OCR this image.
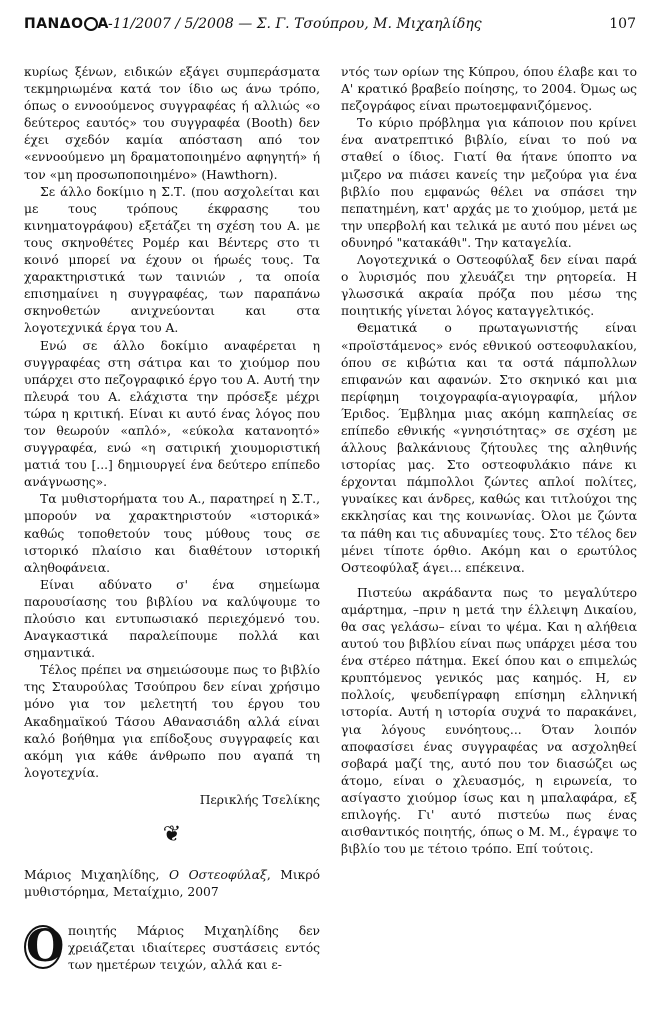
ΠΑΝΔΟ Α -11/2007 / 5/2008 — Σ. Γ. Τσούπρου, Μ. Μιχαηλίδης	107

κυρίως ξένων, ειδικών εξάγει συμπεράσματα τεκμηριωμένα κατά τον ίδιο ως άνω τρόπο, όπως ο εννοούμενος συγγραφέας ή αλλιώς «ο δεύτερος εαυτός» του συγγραφέα (Booth) δεν έχει σχεδόν καμία απόσταση από τον «εννοούμενο μη δραματοποιημένο αφηγητή» ή τον «μη προσωποποιημένο» (Hawthorn).

Σε άλλο δοκίμιο η Σ.Τ. (που ασχολείται και με τους τρόπους έκφρασης του κινηματογράφου) εξετάζει τη σχέση του Α. με τους σκηνοθέτες Ρομέρ και Βέντερς στο τι κοινό μπορεί να έχουν οι ήρωές τους. Τα χαρακτηριστικά των ταινιών , τα οποία επισημαίνει η συγγραφέας, των παραπάνω σκηνοθετών ανιχνεύονται και στα λογοτεχνικά έργα του Α.

Ενώ σε άλλο δοκίμιο αναφέρεται η συγγραφέας στη σάτιρα και το χιούμορ που υπάρχει στο πεζογραφικό έργο του Α. Αυτή την πλευρά του Α. ελάχιστα την πρόσεξε μέχρι τώρα η κριτική. Είναι κι αυτό ένας λόγος που τον θεωρούν «απλό», «εύκολα κατανοητό» συγγραφέα, ενώ «η σατιρική χιουμοριστική ματιά του [...] δημιουργεί ένα δεύτερο επίπεδο ανάγνωσης».

Τα μυθιστορήματα του Α., παρατηρεί η Σ.Τ., μπορούν να χαρακτηριστούν «ιστορικά» καθώς τοποθετούν τους μύθους τους σε ιστορικό πλαίσιο και διαθέτουν ιστορική αληθοφάνεια.

Είναι αδύνατο σ' ένα σημείωμα παρουσίασης του βιβλίου να καλύψουμε το πλούσιο και εντυπωσιακό περιεχόμενό του. Αναγκαστικά παραλείπουμε πολλά και σημαντικά.

Τέλος πρέπει να σημειώσουμε πως το βιβλίο της Σταυρούλας Τσούπρου δεν είναι χρήσιμο μόνο για τον μελετητή του έργου του Ακαδημαϊκού Τάσου Αθανασιάδη αλλά είναι καλό βοήθημα για επίδοξους συγγραφείς και ακόμη για κάθε άνθρωπο που αγαπά τη λογοτεχνία.

Περικλής Τσελίκης
❦

Μάριος Μιχαηλίδης, Ο Οστεοφύλαξ, Μικρό μυθιστόρημα, Μεταίχμιο, 2007

Ο ποιητής Μάριος Μιχαηλίδης δεν χρειάζεται ιδιαίτερες συστάσεις εντός των ημετέρων τειχών, αλλά και ε-

ντός των ορίων της Κύπρου, όπου έλαβε και το Α' κρατικό βραβείο ποίησης, το 2004. Όμως ως πεζογράφος είναι πρωτοεμφανιζόμενος.

Το κύριο πρόβλημα για κάποιον που κρίνει ένα ανατρεπτικό βιβλίο, είναι το πού να σταθεί ο ίδιος. Γιατί θα ήτανε ύποπτο να μιζερο να πιάσει κανείς την μεζούρα για ένα βιβλίο που εμφανώς θέλει να σπάσει την πεπατημένη, κατ' αρχάς με το χιούμορ, μετά με την υπερβολή και τελικά με αυτό που μένει ως οδυνηρό "κατακάθι". Την καταγελία.

Λογοτεχνικά ο Οστεοφύλαξ δεν είναι παρά ο λυρισμός που χλευάζει την ρητορεία. Η γλωσσικά ακραία πρόζα που μέσω της ποιητικής γίνεται λόγος καταγγελτικός.

Θεματικά ο πρωταγωνιστής είναι «προϊστάμενος» ενός εθνικού οστεοφυλακίου, όπου σε κιβώτια και τα οστά πάμπολλων επιφανών και αφανών. Στο σκηνικό και μια περίφημη τοιχογραφία-αγιογραφία, μήλον Έριδος. Έμβλημα μιας ακόμη καπηλείας σε επίπεδο εθνικής «γνησιότητας» σε σχέση με άλλους βαλκάνιους ζήτουλες της αληθινής ιστορίας μας. Στο οστεοφυλάκιο πάνε κι έρχονται πάμπολλοι ζώντες απλοί πολίτες, γυναίκες και άνδρες, καθώς και τιτλούχοι της εκκλησίας και της κοινωνίας. Όλοι με ζώντα τα πάθη και τις αδυναμίες τους. Στο τέλος δεν μένει τίποτε όρθιο. Ακόμη και ο ερωτύλος Οστεοφύλαξ άγει... επέκεινα.

Πιστεύω ακράδαντα πως το μεγαλύτερο αμάρτημα, –πριν η μετά την έλλειψη Δικαίου, θα σας γελάσω– είναι το ψέμα. Και η αλήθεια αυτού του βιβλίου είναι πως υπάρχει μέσα του ένα στέρεο πάτημα. Εκεί όπου και ο επιμελώς κρυπτόμενος γενικός μας καημός. Η, εν πολλοίς, ψευδεπίγραφη επίσημη ελληνική ιστορία. Αυτή η ιστορία συχνά το παρακάνει, για λόγους ευνόητους... Όταν λοιπόν αποφασίσει ένας συγγραφέας να ασχοληθεί σοβαρά μαζί της, αυτό που τον διασώζει ως άτομο, είναι ο χλευασμός, η ειρωνεία, το ασίγαστο χιούμορ ίσως και η μπαλαφάρα, εξ επιλογής. Γι' αυτό πιστεύω πως ένας αισθαντικός ποιητής, όπως ο Μ. Μ., έγραψε το βιβλίο του με τέτοιο τρόπο. Επί τούτοις.
